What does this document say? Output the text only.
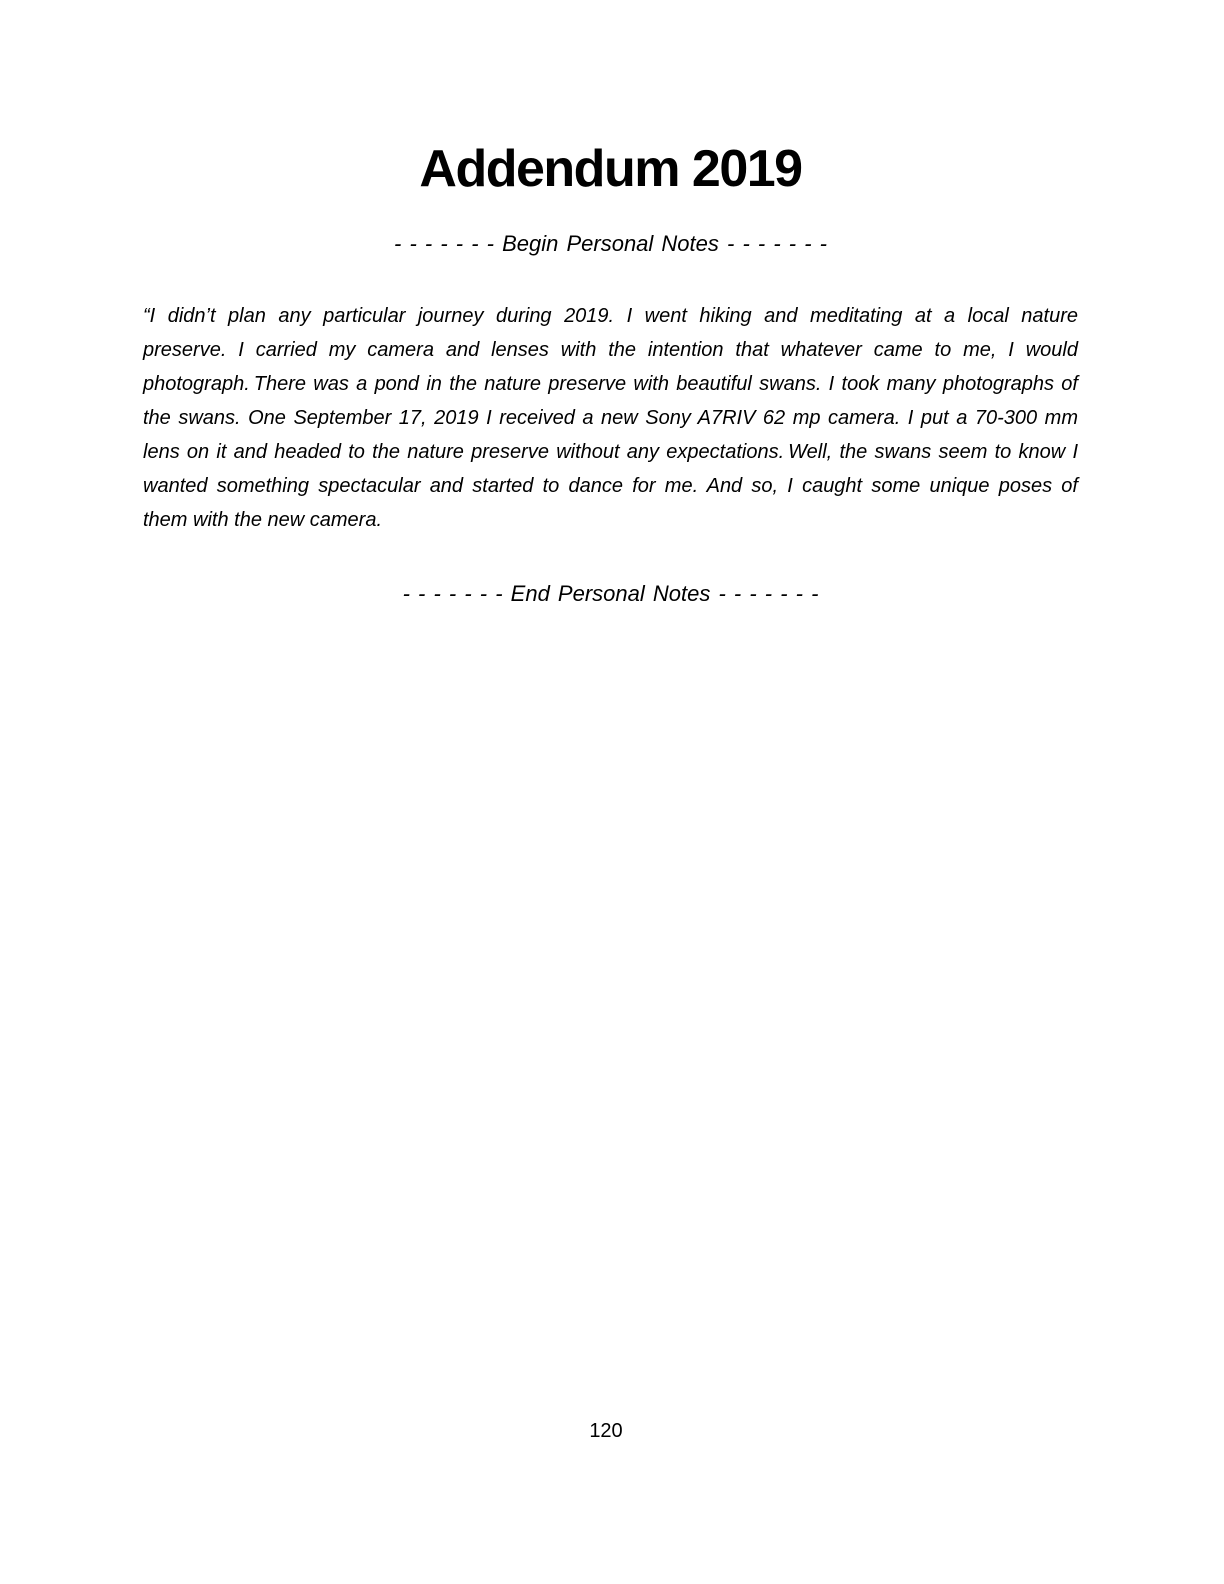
Addendum 2019
- - - - - - - Begin Personal Notes - - - - - - -
“I didn’t plan any particular journey during 2019. I went hiking and meditating at a local nature
preserve. I carried my camera and lenses with the intention that whatever came to me, I would
photograph. There was a pond in the nature preserve with beautiful swans. I took many photographs of
the swans. One September 17, 2019 I received a new Sony A7RIV 62 mp camera. I put a 70-300 mm
lens on it and headed to the nature preserve without any expectations. Well, the swans seem to know I
wanted something spectacular and started to dance for me. And so, I caught some unique poses of
them with the new camera.
- - - - - - - End Personal Notes - - - - - - -
120
